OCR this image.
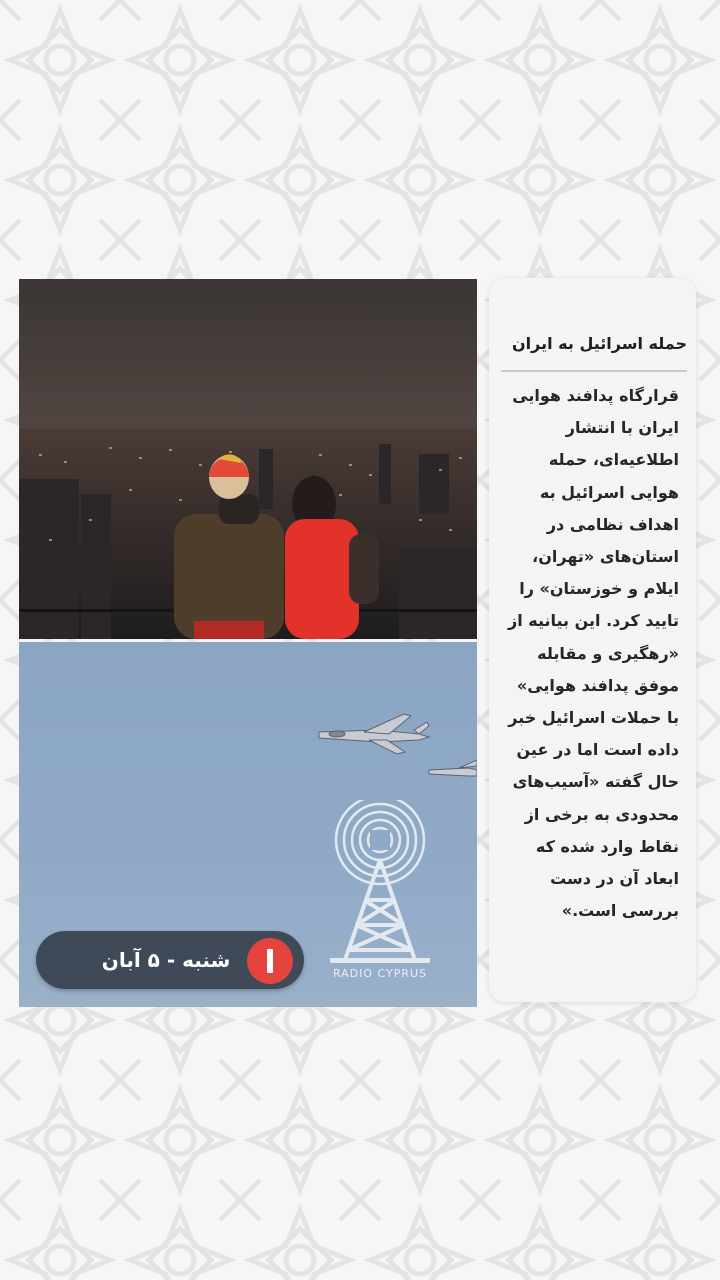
RADIO CYPRUS
شنبه - ۵ آبان
حمله اسرائیل به ایران

قرارگاه پدافند هوایی ایران با انتشار اطلاعیه‌ای، حمله هوایی اسرائیل به اهداف نظامی در استان‌های «تهران، ایلام و خوزستان» را تایید کرد. این بیانیه از «رهگیری و مقابله موفق پدافند هوایی» با حملات اسرائیل خبر داده است اما در عین حال گفته «آسیب‌های محدودی به برخی از نقاط وارد شده که ابعاد آن در دست بررسی است.»
